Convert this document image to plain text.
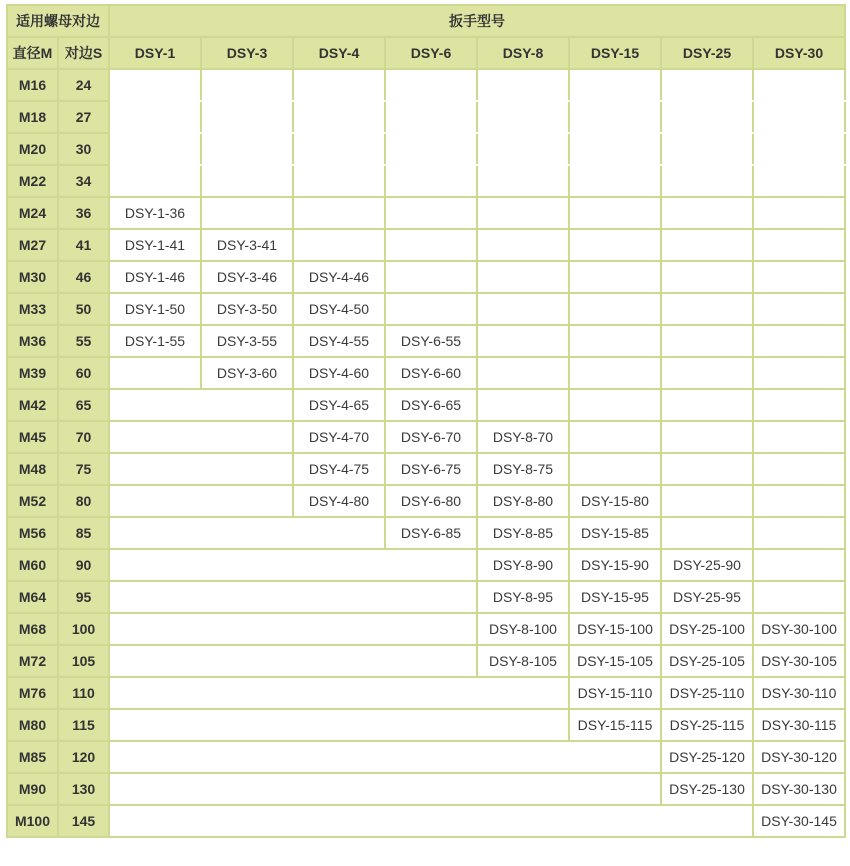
适用螺母对边		扳手型号							
直径M	对边S	DSY-1	DSY-3	DSY-4	DSY-6	DSY-8	DSY-15	DSY-25	DSY-30
M16	24								
M18	27								
M20	30								
M22	34								
M24	36	DSY-1-36							
M27	41	DSY-1-41	DSY-3-41						
M30	46	DSY-1-46	DSY-3-46	DSY-4-46					
M33	50	DSY-1-50	DSY-3-50	DSY-4-50					
M36	55	DSY-1-55	DSY-3-55	DSY-4-55	DSY-6-55				
M39	60		DSY-3-60	DSY-4-60	DSY-6-60				
M42	65			DSY-4-65	DSY-6-65				
M45	70			DSY-4-70	DSY-6-70	DSY-8-70			
M48	75			DSY-4-75	DSY-6-75	DSY-8-75			
M52	80			DSY-4-80	DSY-6-80	DSY-8-80	DSY-15-80		
M56	85				DSY-6-85	DSY-8-85	DSY-15-85		
M60	90					DSY-8-90	DSY-15-90	DSY-25-90	
M64	95					DSY-8-95	DSY-15-95	DSY-25-95	
M68	100					DSY-8-100	DSY-15-100	DSY-25-100	DSY-30-100
M72	105					DSY-8-105	DSY-15-105	DSY-25-105	DSY-30-105
M76	110						DSY-15-110	DSY-25-110	DSY-30-110
M80	115						DSY-15-115	DSY-25-115	DSY-30-115
M85	120							DSY-25-120	DSY-30-120
M90	130							DSY-25-130	DSY-30-130
M100	145								DSY-30-145
